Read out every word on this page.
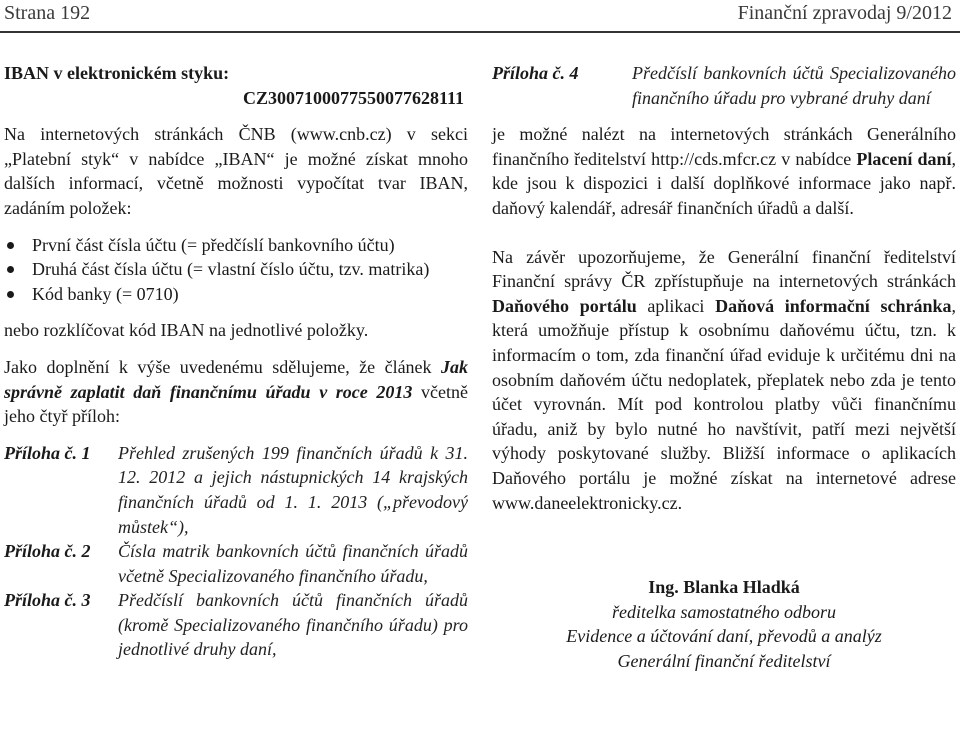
Strana 192	Finanční zpravodaj 9/2012
IBAN v elektronickém styku:
CZ3007100077550077628111

Na internetových stránkách ČNB (www.cnb.cz) v sekci „Platební styk“ v nabídce „IBAN“ je možné získat mnoho dalších informací, včetně možnosti vypočítat tvar IBAN, zadáním položek:

První část čísla účtu (= předčíslí bankovního účtu)
Druhá část čísla účtu (= vlastní číslo účtu, tzv. matrika)
Kód banky (= 0710)

nebo rozklíčovat kód IBAN na jednotlivé položky.

Jako doplnění k výše uvedenému sdělujeme, že článek Jak správně zaplatit daň finančnímu úřadu v roce 2013 včetně jeho čtyř příloh:

Příloha č. 1	Přehled zrušených 199 finančních úřadů k 31. 12. 2012 a jejich nástupnických 14 krajských finančních úřadů od 1. 1. 2013 („převodový můstek“),
Příloha č. 2	Čísla matrik bankovních účtů finančních úřadů včetně Specializovaného finančního úřadu,
Příloha č. 3	Předčíslí bankovních účtů finančních úřadů (kromě Specializovaného finančního úřadu) pro jednotlivé druhy daní,
Příloha č. 4	Předčíslí bankovních účtů Specializovaného finančního úřadu pro vybrané druhy daní

je možné nalézt na internetových stránkách Generálního finančního ředitelství http://cds.mfcr.cz v nabídce Placení daní, kde jsou k dispozici i další doplňkové informace jako např. daňový kalendář, adresář finančních úřadů a další.

Na závěr upozorňujeme, že Generální finanční ředitelství Finanční správy ČR zpřístupňuje na internetových stránkách Daňového portálu aplikaci Daňová informační schránka, která umožňuje přístup k osobnímu daňovému účtu, tzn. k informacím o tom, zda finanční úřad eviduje k určitému dni na osobním daňovém účtu nedoplatek, přeplatek nebo zda je tento účet vyrovnán. Mít pod kontrolou platby vůči finančnímu úřadu, aniž by bylo nutné ho navštívit, patří mezi největší výhody poskytované služby. Bližší informace o aplikacích Daňového portálu je možné získat na internetové adrese www.daneelektronicky.cz.

Ing. Blanka Hladká
ředitelka samostatného odboru
Evidence a účtování daní, převodů a analýz
Generální finanční ředitelství
